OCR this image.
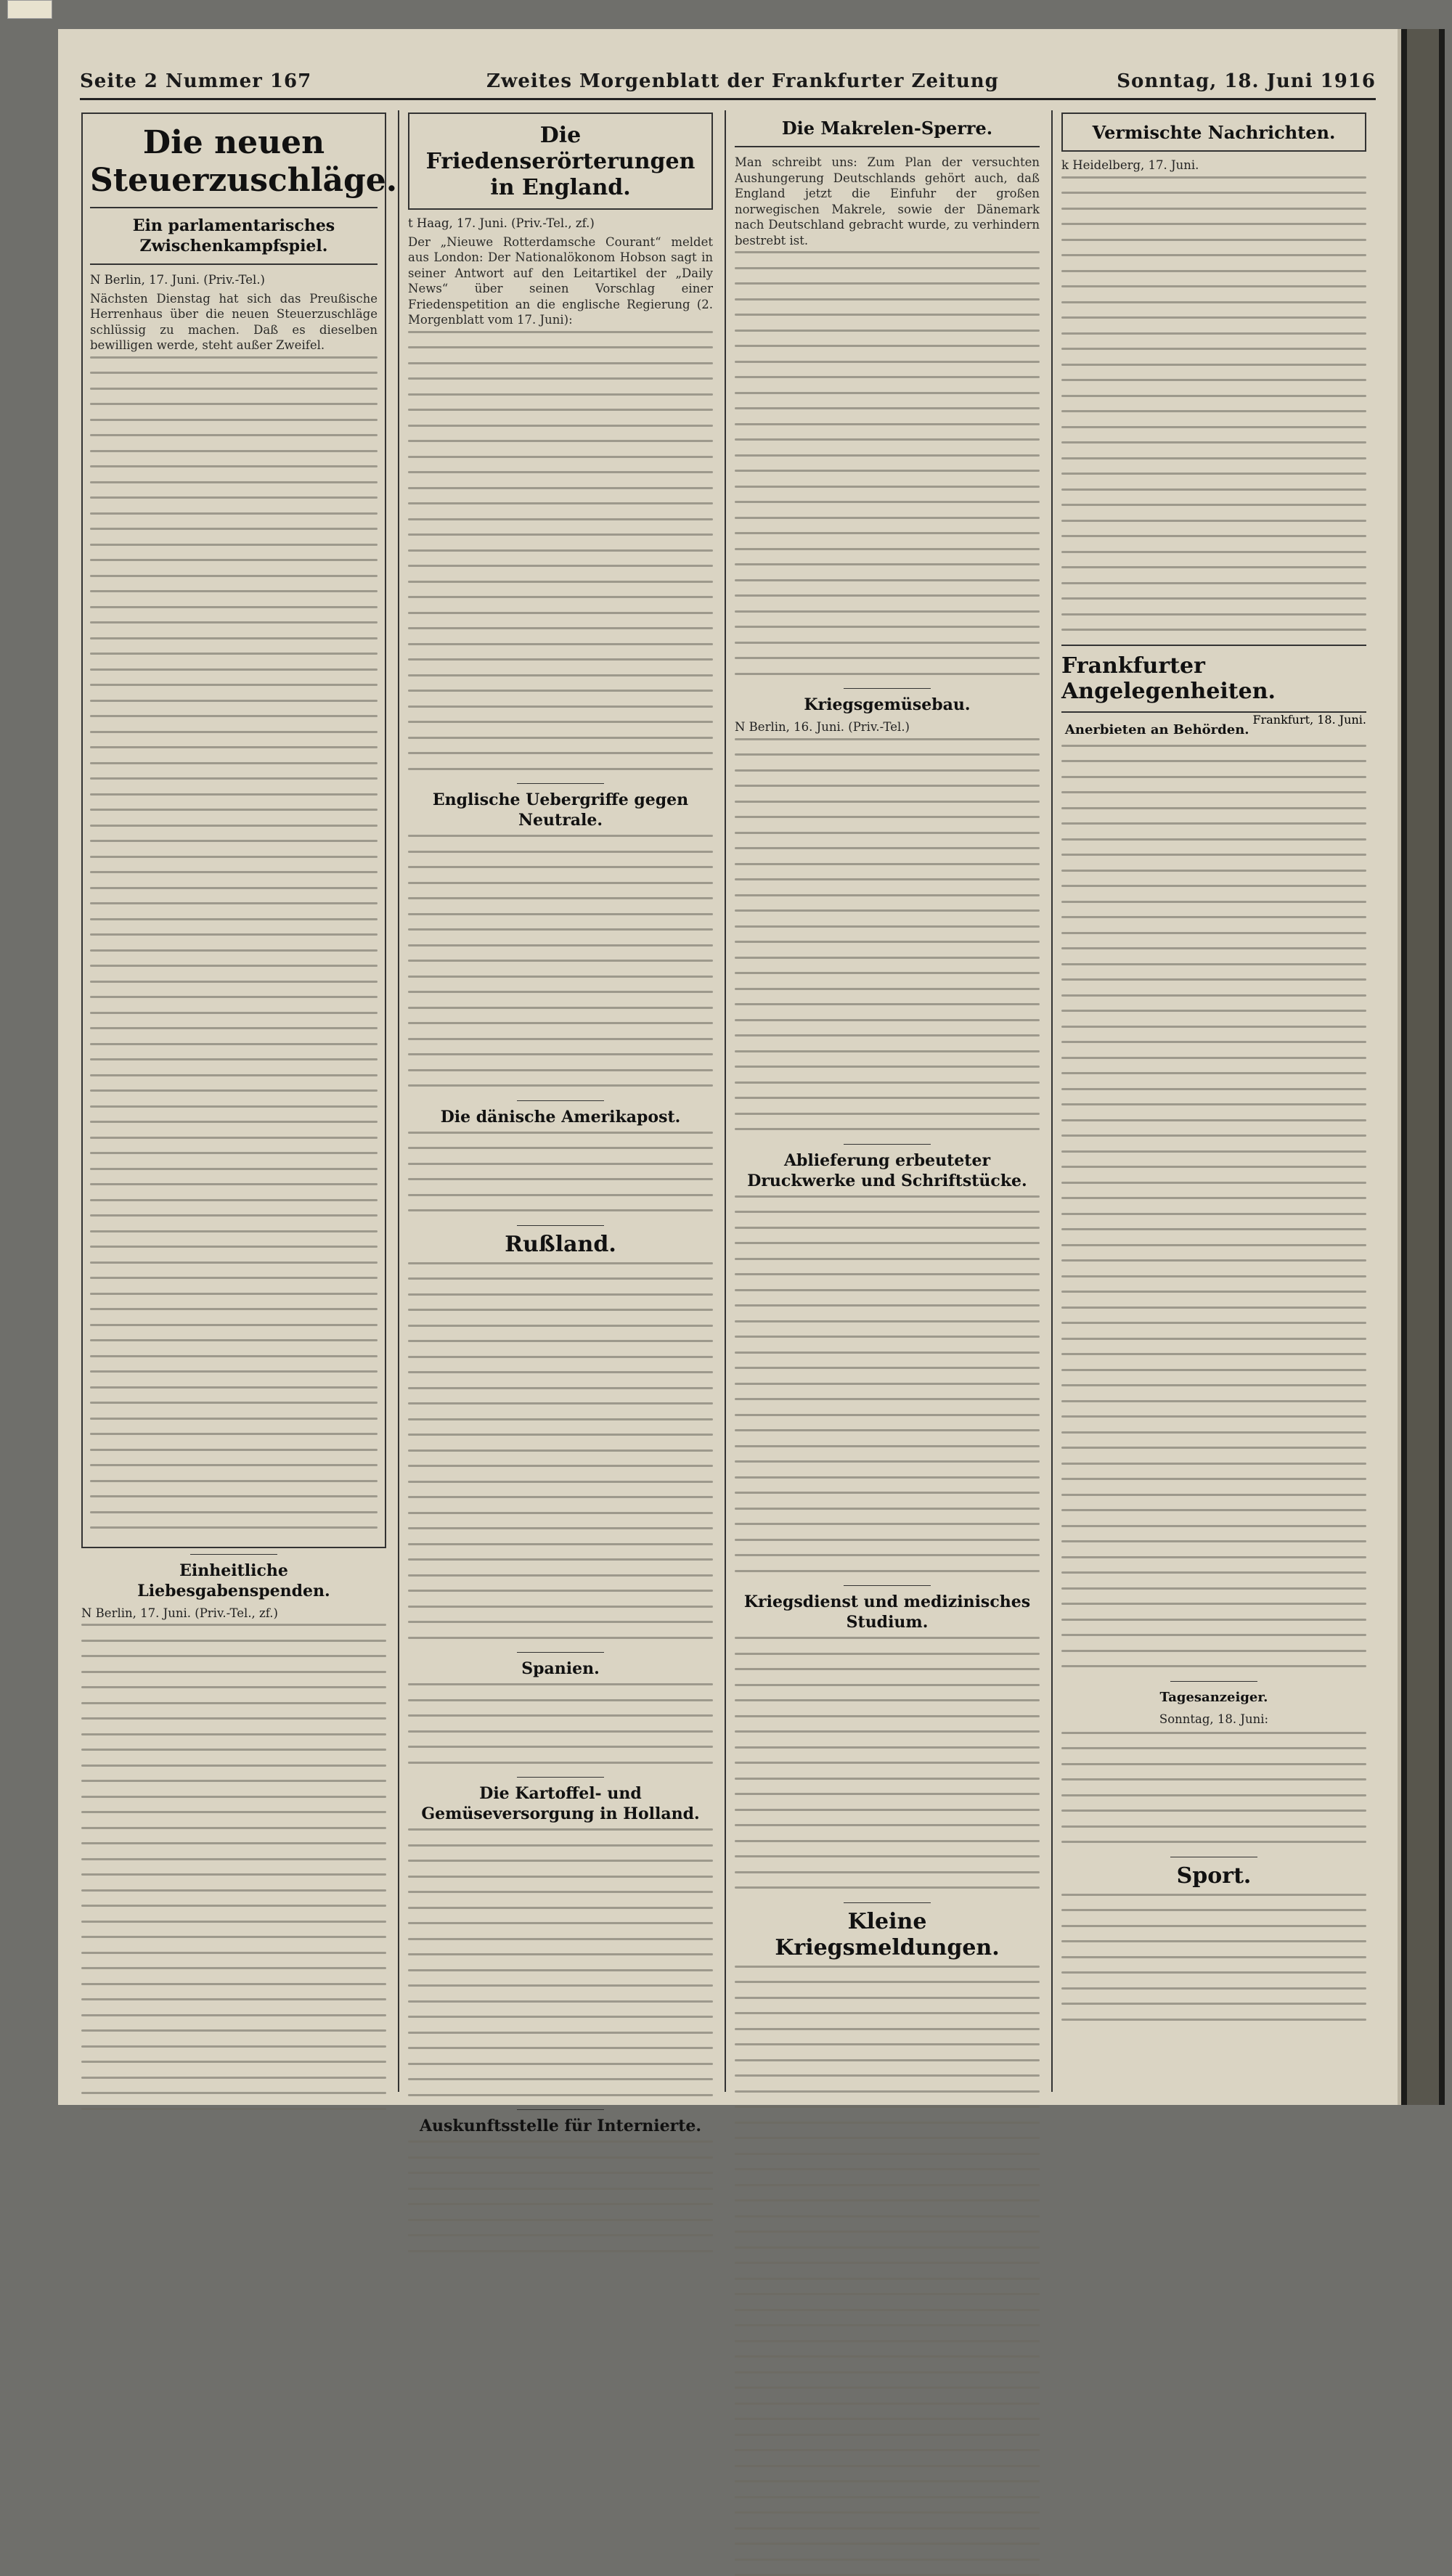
Seite 2 Nummer 167	Zweites Morgenblatt der Frankfurter Zeitung	Sonntag, 18. Juni 1916
Die neuen Steuerzuschläge.
Ein parlamentarisches Zwischenkampfspiel.

N Berlin, 17. Juni. (Priv.-Tel.)

Nächsten Dienstag hat sich das Preußische Herrenhaus über die neuen Steuerzuschläge schlüssig zu machen. Daß es dieselben bewilligen werde, steht außer Zweifel.

Einheitliche Liebesgabenspenden.

N Berlin, 17. Juni. (Priv.-Tel., zf.)

Die Friedenserörterungen in England.

t Haag, 17. Juni. (Priv.-Tel., zf.)

Der „Nieuwe Rotterdamsche Courant“ meldet aus London: Der Nationalökonom Hobson sagt in seiner Antwort auf den Leitartikel der „Daily News“ über seinen Vorschlag einer Friedenspetition an die englische Regierung (2. Morgenblatt vom 17. Juni):

Englische Uebergriffe gegen Neutrale.
Die dänische Amerikapost.
Rußland.
Spanien.
Die Kartoffel- und Gemüseversorgung in Holland.
Auskunftsstelle für Internierte.
Die Makrelen-Sperre.

Man schreibt uns: Zum Plan der versuchten Aushungerung Deutschlands gehört auch, daß England jetzt die Einfuhr der großen norwegischen Makrele, sowie der Dänemark nach Deutschland gebracht wurde, zu verhindern bestrebt ist.

Kriegsgemüsebau.

N Berlin, 16. Juni. (Priv.-Tel.)

Ablieferung erbeuteter Druckwerke und Schriftstücke.
Kriegsdienst und medizinisches Studium.
Kleine Kriegsmeldungen.
Vermischte Nachrichten.

k Heidelberg, 17. Juni.

Frankfurter Angelegenheiten.
Frankfurt, 18. Juni.
Anerbieten an Behörden.
Tagesanzeiger.
Sonntag, 18. Juni:
Sport.
